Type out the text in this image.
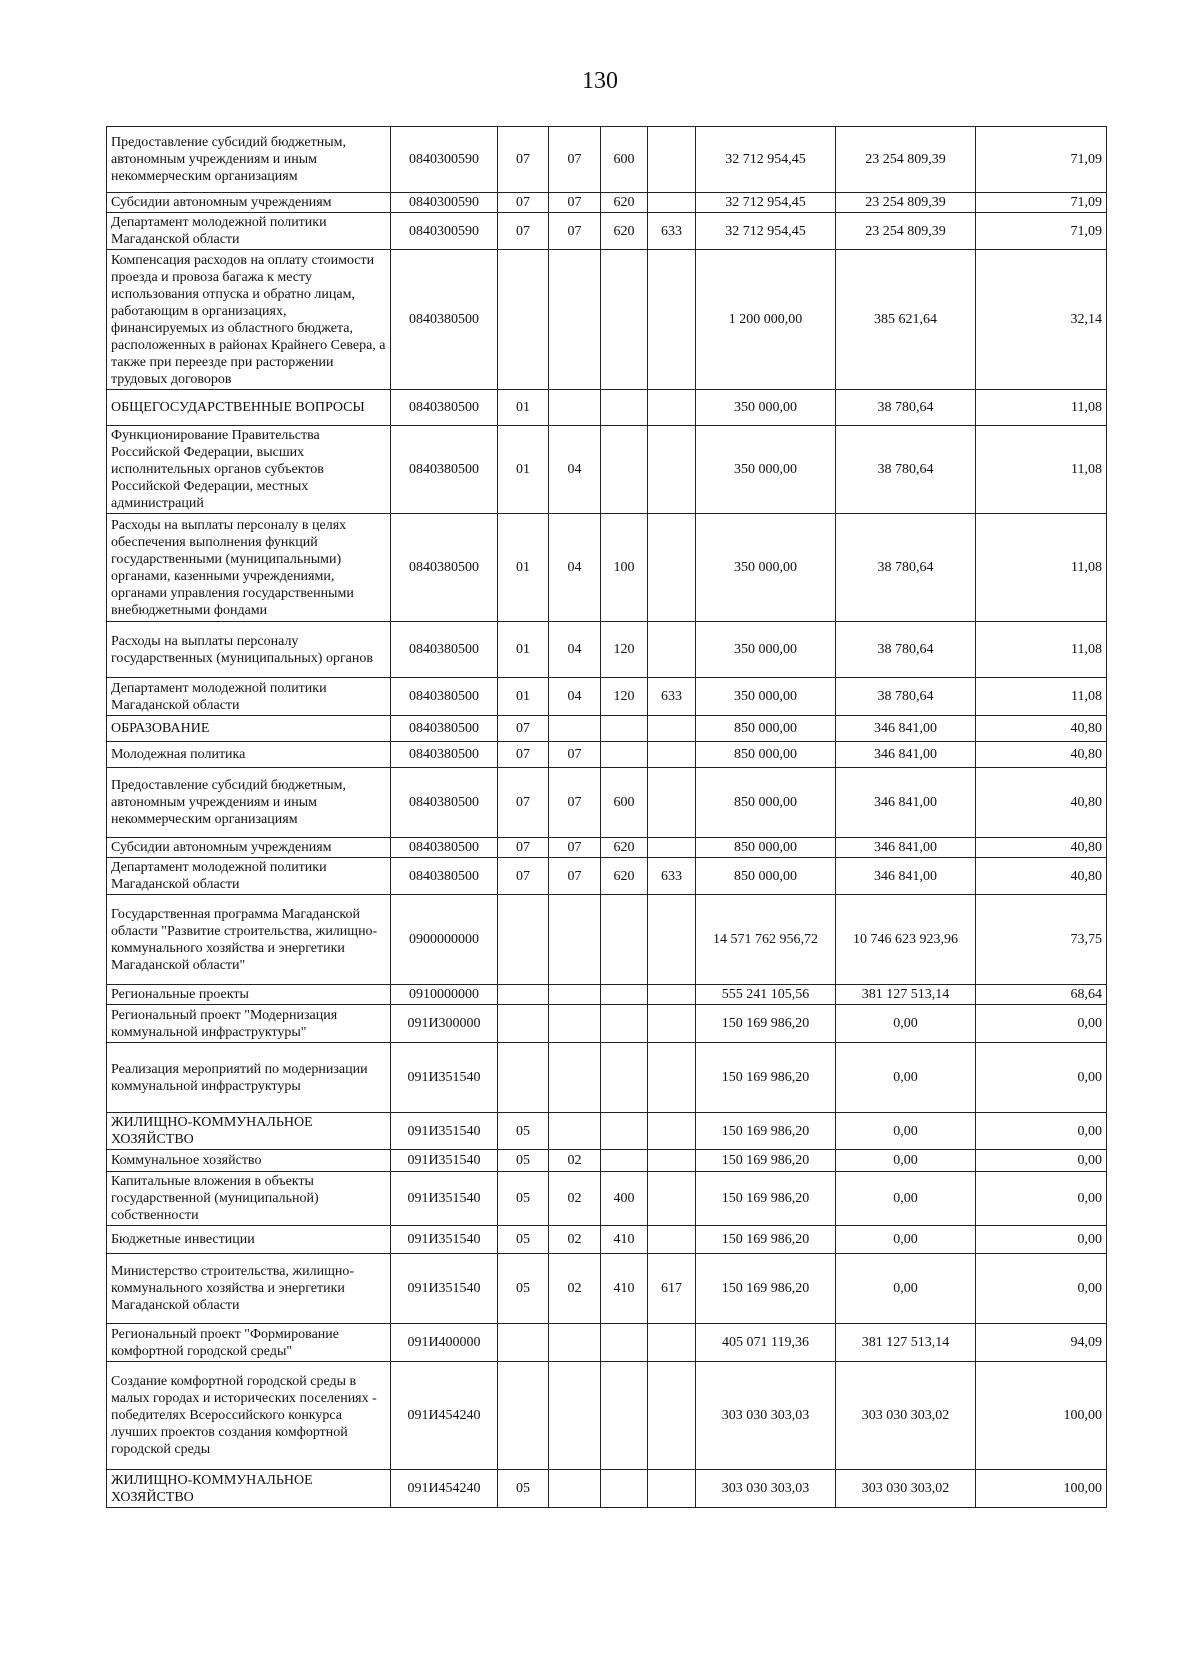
130
Предоставление субсидий бюджетным, автономным учреждениям и иным некоммерческим организациям	0840300590	07	07	600		32 712 954,45	23 254 809,39	71,09
Субсидии автономным учреждениям	0840300590	07	07	620		32 712 954,45	23 254 809,39	71,09
Департамент молодежной политики Магаданской области	0840300590	07	07	620	633	32 712 954,45	23 254 809,39	71,09
Компенсация расходов на оплату стоимости проезда и провоза багажа к месту использования отпуска и обратно лицам, работающим в организациях, финансируемых из областного бюджета, расположенных в районах Крайнего Севера, а также при переезде при расторжении трудовых договоров	0840380500					1 200 000,00	385 621,64	32,14
ОБЩЕГОСУДАРСТВЕННЫЕ ВОПРОСЫ	0840380500	01				350 000,00	38 780,64	11,08
Функционирование Правительства Российской Федерации, высших исполнительных органов субъектов Российской Федерации, местных администраций	0840380500	01	04			350 000,00	38 780,64	11,08
Расходы на выплаты персоналу в целях обеспечения выполнения функций государственными (муниципальными) органами, казенными учреждениями, органами управления государственными внебюджетными фондами	0840380500	01	04	100		350 000,00	38 780,64	11,08
Расходы на выплаты персоналу государственных (муниципальных) органов	0840380500	01	04	120		350 000,00	38 780,64	11,08
Департамент молодежной политики Магаданской области	0840380500	01	04	120	633	350 000,00	38 780,64	11,08
ОБРАЗОВАНИЕ	0840380500	07				850 000,00	346 841,00	40,80
Молодежная политика	0840380500	07	07			850 000,00	346 841,00	40,80
Предоставление субсидий бюджетным, автономным учреждениям и иным некоммерческим организациям	0840380500	07	07	600		850 000,00	346 841,00	40,80
Субсидии автономным учреждениям	0840380500	07	07	620		850 000,00	346 841,00	40,80
Департамент молодежной политики Магаданской области	0840380500	07	07	620	633	850 000,00	346 841,00	40,80
Государственная программа Магаданской области "Развитие строительства, жилищно-коммунального хозяйства и энергетики Магаданской области"	0900000000					14 571 762 956,72	10 746 623 923,96	73,75
Региональные проекты	0910000000					555 241 105,56	381 127 513,14	68,64
Региональный проект "Модернизация коммунальной инфраструктуры"	091И300000					150 169 986,20	0,00	0,00
Реализация мероприятий по модернизации коммунальной инфраструктуры	091И351540					150 169 986,20	0,00	0,00
ЖИЛИЩНО-КОММУНАЛЬНОЕ ХОЗЯЙСТВО	091И351540	05				150 169 986,20	0,00	0,00
Коммунальное хозяйство	091И351540	05	02			150 169 986,20	0,00	0,00
Капитальные вложения в объекты государственной (муниципальной) собственности	091И351540	05	02	400		150 169 986,20	0,00	0,00
Бюджетные инвестиции	091И351540	05	02	410		150 169 986,20	0,00	0,00
Министерство строительства, жилищно-коммунального хозяйства и энергетики Магаданской области	091И351540	05	02	410	617	150 169 986,20	0,00	0,00
Региональный проект "Формирование комфортной городской среды"	091И400000					405 071 119,36	381 127 513,14	94,09
Создание комфортной городской среды в малых городах и исторических поселениях - победителях Всероссийского конкурса лучших проектов создания комфортной городской среды	091И454240					303 030 303,03	303 030 303,02	100,00
ЖИЛИЩНО-КОММУНАЛЬНОЕ ХОЗЯЙСТВО	091И454240	05				303 030 303,03	303 030 303,02	100,00
